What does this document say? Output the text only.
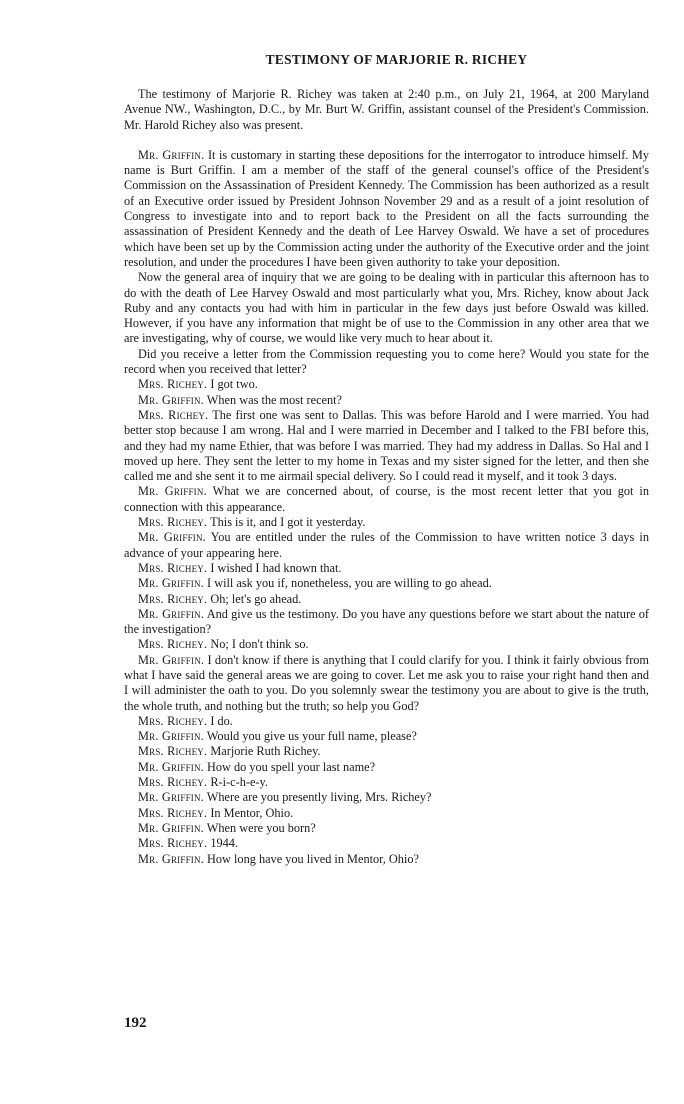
TESTIMONY OF MARJORIE R. RICHEY

The testimony of Marjorie R. Richey was taken at 2:40 p.m., on July 21, 1964, at 200 Maryland Avenue NW., Washington, D.C., by Mr. Burt W. Griffin, assistant counsel of the President's Commission. Mr. Harold Richey also was present.

Mr. Griffin. It is customary in starting these depositions for the interrogator to introduce himself. My name is Burt Griffin. I am a member of the staff of the general counsel's office of the President's Commission on the Assassination of President Kennedy. The Commission has been authorized as a result of an Executive order issued by President Johnson November 29 and as a result of a joint resolution of Congress to investigate into and to report back to the President on all the facts surrounding the assassination of President Kennedy and the death of Lee Harvey Oswald. We have a set of procedures which have been set up by the Commission acting under the authority of the Executive order and the joint resolution, and under the procedures I have been given authority to take your deposition.

Now the general area of inquiry that we are going to be dealing with in particular this afternoon has to do with the death of Lee Harvey Oswald and most particularly what you, Mrs. Richey, know about Jack Ruby and any contacts you had with him in particular in the few days just before Oswald was killed. However, if you have any information that might be of use to the Commission in any other area that we are investigating, why of course, we would like very much to hear about it.

Did you receive a letter from the Commission requesting you to come here? Would you state for the record when you received that letter?

Mrs. Richey. I got two.

Mr. Griffin. When was the most recent?

Mrs. Richey. The first one was sent to Dallas. This was before Harold and I were married. You had better stop because I am wrong. Hal and I were married in December and I talked to the FBI before this, and they had my name Ethier, that was before I was married. They had my address in Dallas. So Hal and I moved up here. They sent the letter to my home in Texas and my sister signed for the letter, and then she called me and she sent it to me airmail special delivery. So I could read it myself, and it took 3 days.

Mr. Griffin. What we are concerned about, of course, is the most recent letter that you got in connection with this appearance.

Mrs. Richey. This is it, and I got it yesterday.

Mr. Griffin. You are entitled under the rules of the Commission to have written notice 3 days in advance of your appearing here.

Mrs. Richey. I wished I had known that.

Mr. Griffin. I will ask you if, nonetheless, you are willing to go ahead.

Mrs. Richey. Oh; let's go ahead.

Mr. Griffin. And give us the testimony. Do you have any questions before we start about the nature of the investigation?

Mrs. Richey. No; I don't think so.

Mr. Griffin. I don't know if there is anything that I could clarify for you. I think it fairly obvious from what I have said the general areas we are going to cover. Let me ask you to raise your right hand then and I will administer the oath to you. Do you solemnly swear the testimony you are about to give is the truth, the whole truth, and nothing but the truth; so help you God?

Mrs. Richey. I do.

Mr. Griffin. Would you give us your full name, please?

Mrs. Richey. Marjorie Ruth Richey.

Mr. Griffin. How do you spell your last name?

Mrs. Richey. R-i-c-h-e-y.

Mr. Griffin. Where are you presently living, Mrs. Richey?

Mrs. Richey. In Mentor, Ohio.

Mr. Griffin. When were you born?

Mrs. Richey. 1944.

Mr. Griffin. How long have you lived in Mentor, Ohio?

192
